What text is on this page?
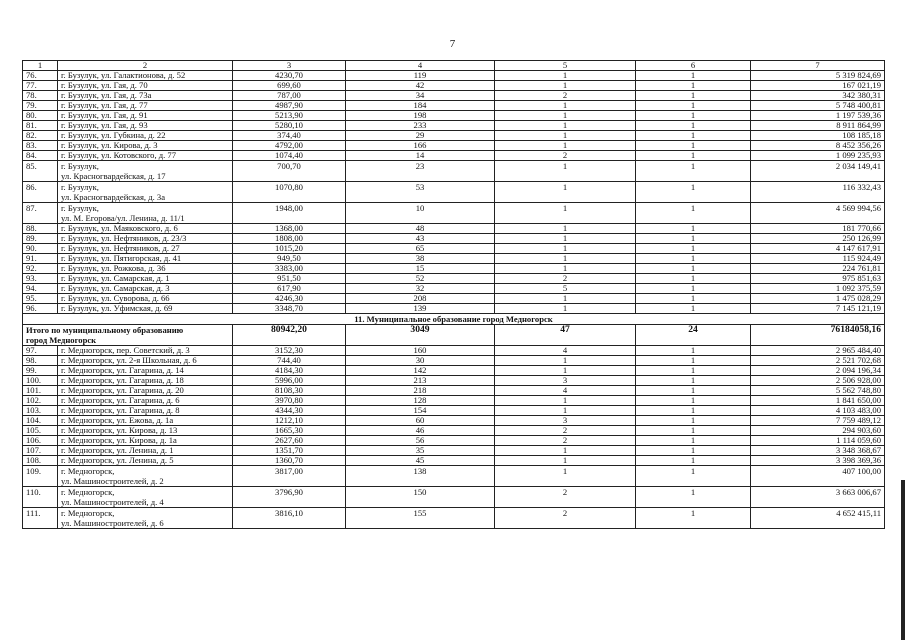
7
1	2	3	4	5	6	7
76.	г. Бузулук, ул. Галактионова, д. 52	4230,70	119	1	1	5 319 824,69
77.	г. Бузулук, ул. Гая, д. 70	699,60	42	1	1	167 021,19
78.	г. Бузулук, ул. Гая, д. 73а	787,00	34	2	1	342 380,31
79.	г. Бузулук, ул. Гая, д. 77	4987,90	184	1	1	5 748 400,81
80.	г. Бузулук, ул. Гая, д. 91	5213,90	198	1	1	1 197 539,36
81.	г. Бузулук, ул. Гая, д. 93	5280,10	233	1	1	8 911 864,99
82.	г. Бузулук, ул. Губкина, д. 22	374,40	29	1	1	108 185,18
83.	г. Бузулук, ул. Кирова, д. 3	4792,00	166	1	1	8 452 356,26
84.	г. Бузулук, ул. Котовского, д. 77	1074,40	14	2	1	1 099 235,93
85.	г. Бузулук,
ул. Красногвардейская, д. 17	700,70	23	1	1	2 034 149,41
86.	г. Бузулук,
ул. Красногвардейская, д. 3а	1070,80	53	1	1	116 332,43
87.	г. Бузулук,
ул. М. Егорова/ул. Ленина, д. 11/1	1948,00	10	1	1	4 569 994,56
88.	г. Бузулук, ул. Маяковского, д. 6	1368,00	48	1	1	181 770,66
89.	г. Бузулук, ул. Нефтяников, д. 23/3	1808,00	43	1	1	250 126,99
90.	г. Бузулук, ул. Нефтяников, д. 27	1015,20	65	1	1	4 147 617,91
91.	г. Бузулук, ул. Пятигорская, д. 41	949,50	38	1	1	115 924,49
92.	г. Бузулук, ул. Рожкова, д. 36	3383,00	15	1	1	224 761,81
93.	г. Бузулук, ул. Самарская, д. 1	951,50	52	2	1	975 851,63
94.	г. Бузулук, ул. Самарская, д. 3	617,90	32	5	1	1 092 375,59
95.	г. Бузулук, ул. Суворова, д. 66	4246,30	208	1	1	1 475 028,29
96.	г. Бузулук, ул. Уфимская, д. 69	3348,70	139	1	1	7 145 121,19
11. Муниципальное образование город Медногорск						

Итого по муниципальному образованию
город Медногорск		80942,20	3049	47	24	76184058,16
97.	г. Медногорск, пер. Советский, д. 3	3152,30	160	4	1	2 965 484,40
98.	г. Медногорск, ул. 2-я Школьная, д. 6	744,40	30	1	1	2 521 702,68
99.	г. Медногорск, ул. Гагарина, д. 14	4184,30	142	1	1	2 094 196,34
100.	г. Медногорск, ул. Гагарина, д. 18	5996,00	213	3	1	2 506 928,00
101.	г. Медногорск, ул. Гагарина, д. 20	8108,30	218	4	1	5 562 748,80
102.	г. Медногорск, ул. Гагарина, д. 6	3970,80	128	1	1	1 841 650,00
103.	г. Медногорск, ул. Гагарина, д. 8	4344,30	154	1	1	4 103 483,00
104.	г. Медногорск, ул. Ежова, д. 1а	1212,10	60	3	1	7 759 489,12
105.	г. Медногорск, ул. Кирова, д. 13	1665,30	46	2	1	294 903,60
106.	г. Медногорск, ул. Кирова, д. 1а	2627,60	56	2	1	1 114 059,60
107.	г. Медногорск, ул. Ленина, д. 1	1351,70	35	1	1	3 348 368,67
108.	г. Медногорск, ул. Ленина, д. 5	1360,70	45	1	1	3 398 369,36
109.	г. Медногорск,
ул. Машиностроителей, д. 2	3817,00	138	1	1	407 100,00
110.	г. Медногорск,
ул. Машиностроителей, д. 4	3796,90	150	2	1	3 663 006,67
111.	г. Медногорск,
ул. Машиностроителей, д. 6	3816,10	155	2	1	4 652 415,11
